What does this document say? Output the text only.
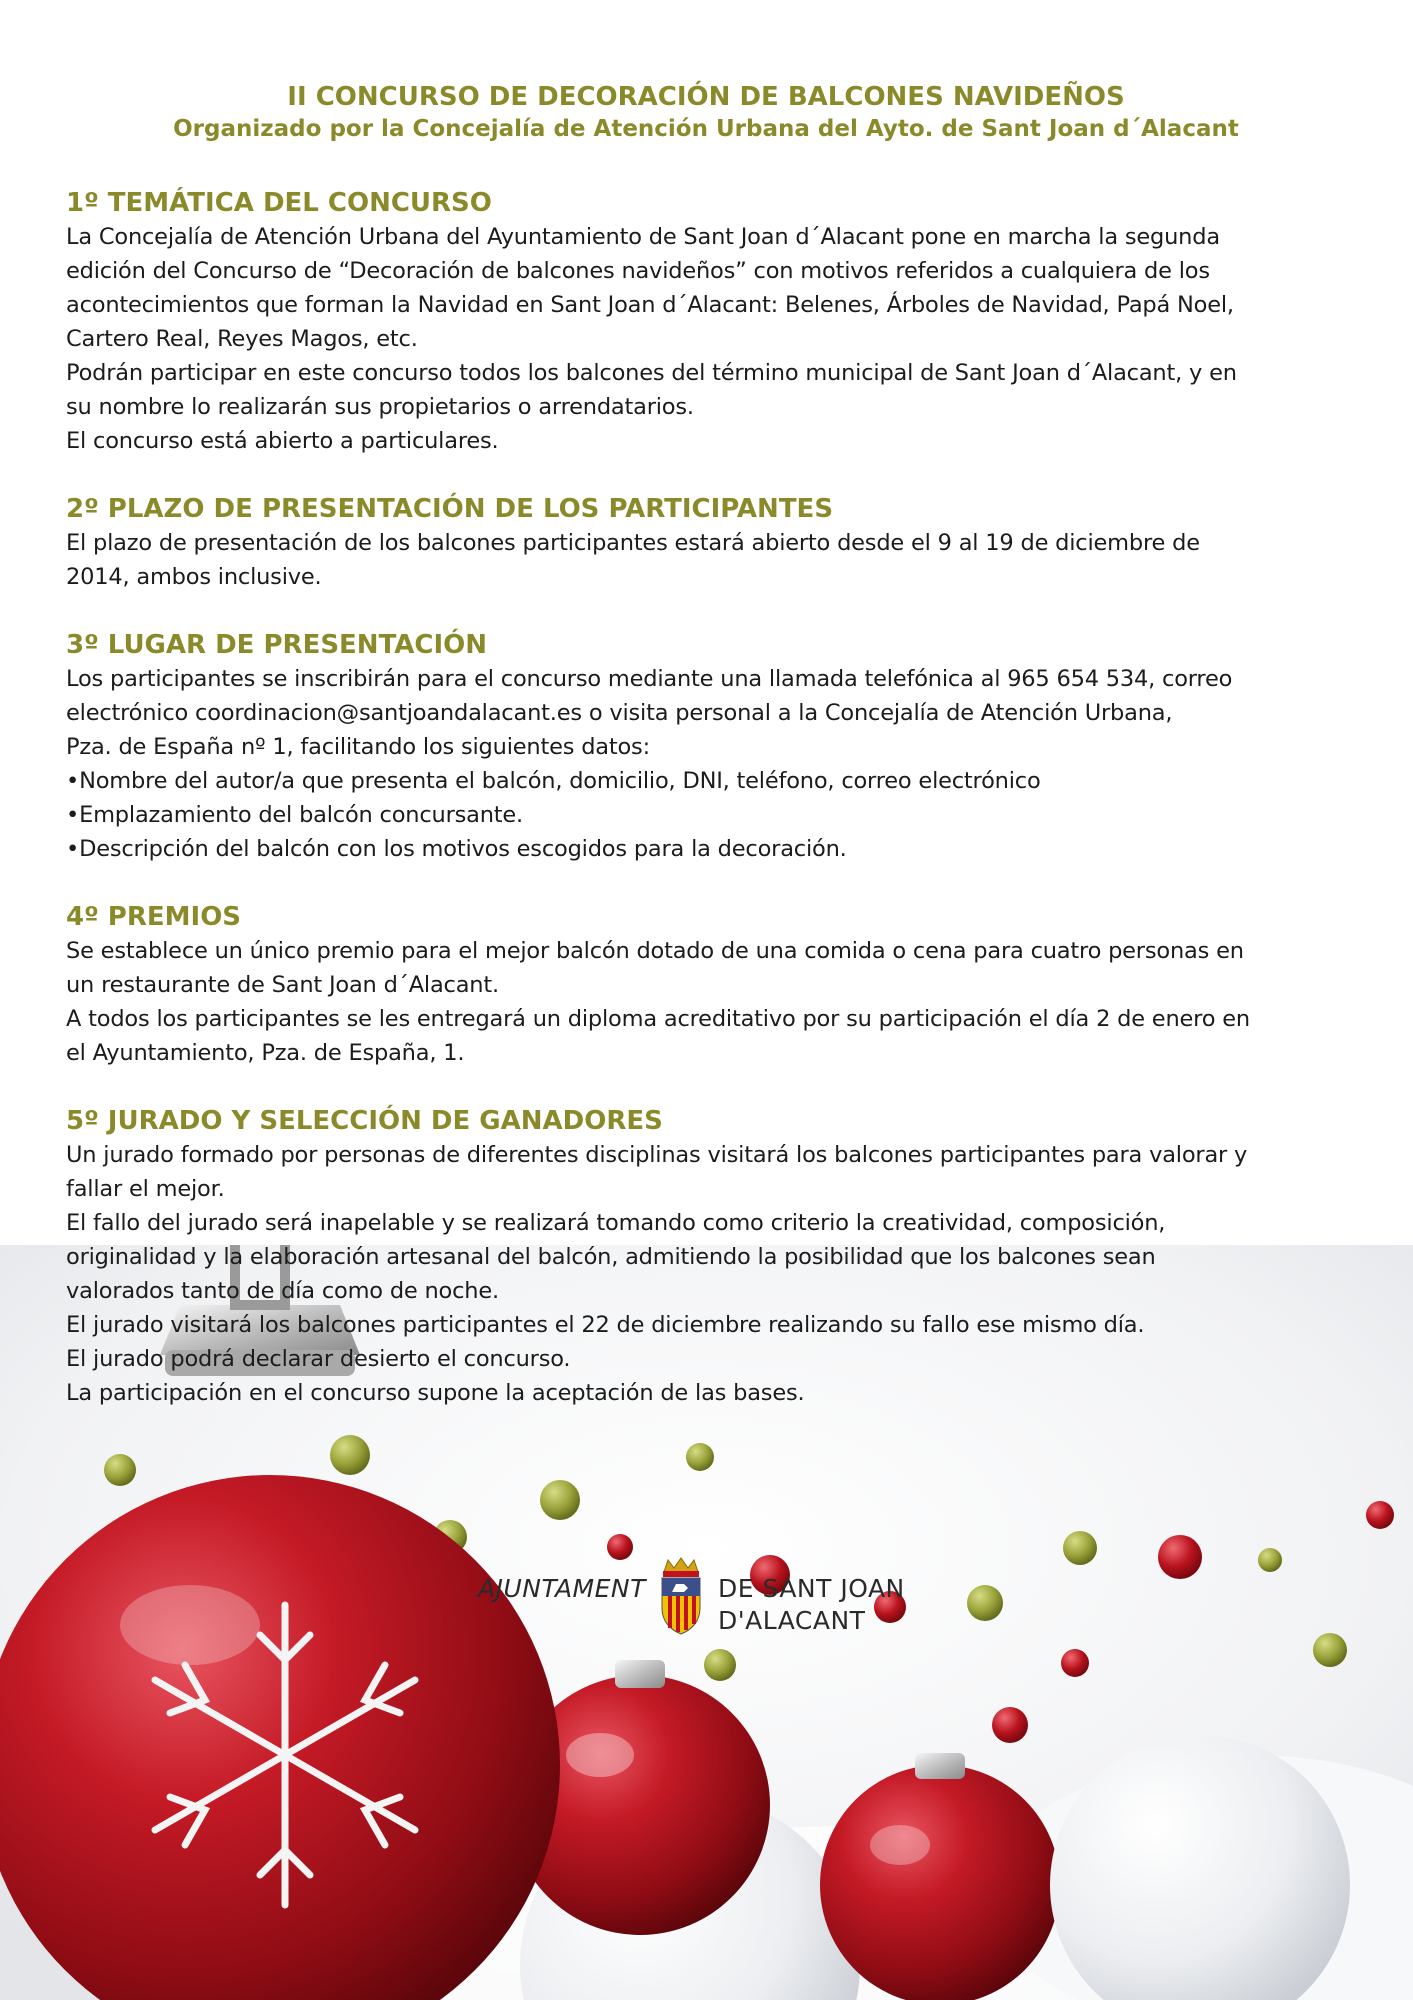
II CONCURSO DE DECORACIÓN DE BALCONES NAVIDEÑOS
Organizado por la Concejalía de Atención Urbana del Ayto. de Sant Joan d´Alacant
1º TEMÁTICA DEL CONCURSO

La Concejalía de Atención Urbana del Ayuntamiento de Sant Joan d´Alacant pone en marcha la segunda

edición del Concurso de “Decoración de balcones navideños” con motivos referidos a cualquiera de los

acontecimientos que forman la Navidad en Sant Joan d´Alacant: Belenes, Árboles de Navidad, Papá Noel,

Cartero Real, Reyes Magos, etc.

Podrán participar en este concurso todos los balcones del término municipal de Sant Joan d´Alacant, y en

su nombre lo realizarán sus propietarios o arrendatarios.

El concurso está abierto a particulares.

2º PLAZO DE PRESENTACIÓN DE LOS PARTICIPANTES

El plazo de presentación de los balcones participantes estará abierto desde el 9 al 19 de diciembre de

2014, ambos inclusive.

3º LUGAR DE PRESENTACIÓN

Los participantes se inscribirán para el concurso mediante una llamada telefónica al 965 654 534, correo

electrónico coordinacion@santjoandalacant.es o visita personal a la Concejalía de Atención Urbana,

Pza. de España nº 1, facilitando los siguientes datos:

•Nombre del autor/a que presenta el balcón, domicilio, DNI, teléfono, correo electrónico

•Emplazamiento del balcón concursante.

•Descripción del balcón con los motivos escogidos para la decoración.

4º PREMIOS

Se establece un único premio para el mejor balcón dotado de una comida o cena para cuatro personas en

un restaurante de Sant Joan d´Alacant.

A todos los participantes se les entregará un diploma acreditativo por su participación el día 2 de enero en

el Ayuntamiento, Pza. de España, 1.

5º JURADO Y SELECCIÓN DE GANADORES

Un jurado formado por personas de diferentes disciplinas visitará los balcones participantes para valorar y

fallar el mejor.

El fallo del jurado será inapelable y se realizará tomando como criterio la creatividad, composición,

originalidad y la elaboración artesanal del balcón, admitiendo la posibilidad que los balcones sean

valorados tanto de día como de noche.

El jurado visitará los balcones participantes el 22 de diciembre realizando su fallo ese mismo día.

El jurado podrá declarar desierto el concurso.

La participación en el concurso supone la aceptación de las bases.

AJUNTAMENT	DE SANT JOAN
D'ALACANT
